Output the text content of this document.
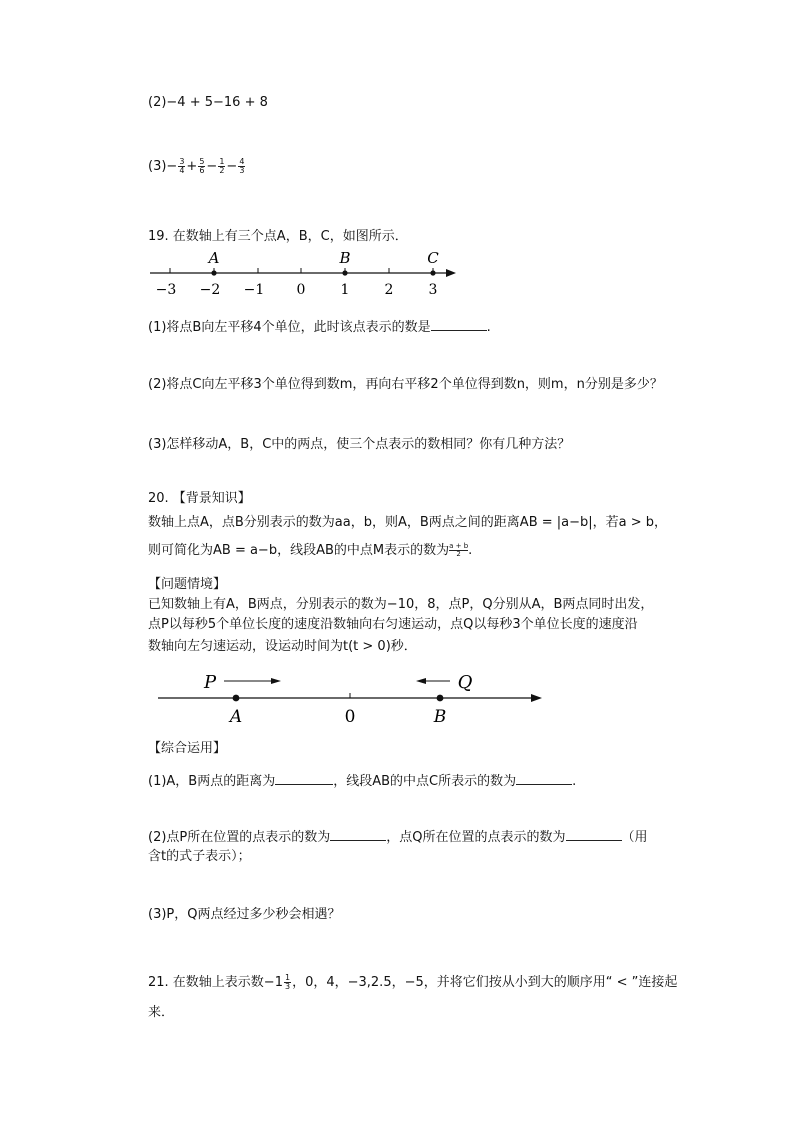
(2)−4 + 5−16 + 8
$(3)- \frac{3}{4} + \frac{5}{6} - \frac{1}{2} - \frac{4}{3}$
19. 在数轴上有三个点A，B，C，如图所示．
A	B	C
−3 −2 −1 0	1	2	3
(1)将点B向左平移4个单位，此时该点表示的数是	.
(2)将点C向左平移3个单位得到数m，再向右平移2个单位得到数n，则m，n分别是多少？
(3)怎样移动A，B，C中的两点，使三个点表示的数相同？你有几种方法？
20. 【背景知识】
数轴上点A，点B分别表示的数为aa，b，则A，B两点之间的距离AB = |a−b|，若a > b，
则可简化为AB = a−b，线段AB的中点M表示的数为 $\frac{a + b}{2}$.
【问题情境】
已知数轴上有A，B两点，分别表示的数为−10，8，点P，Q分别从A，B两点同时出发，
点P以每秒5个单位长度的速度沿数轴向右匀速运动，点Q以每秒3个单位长度的速度沿
数轴向左匀速运动，设运动时间为t(t > 0)秒．
P	Q
A	0	B
【综合运用】
(1)A，B两点的距离为	，线段AB的中点C所表示的数为	.
(2)点P所在位置的点表示的数为	，点Q所在位置的点表示的数为	（用
含t的式子表示）；
(3)P，Q两点经过多少秒会相遇？
21. 在数轴上表示数$-1 \frac{1}{3}$ ，0，4，−3,2.5，−5，并将它们按从小到大的顺序用“ < ”连接起
来．
